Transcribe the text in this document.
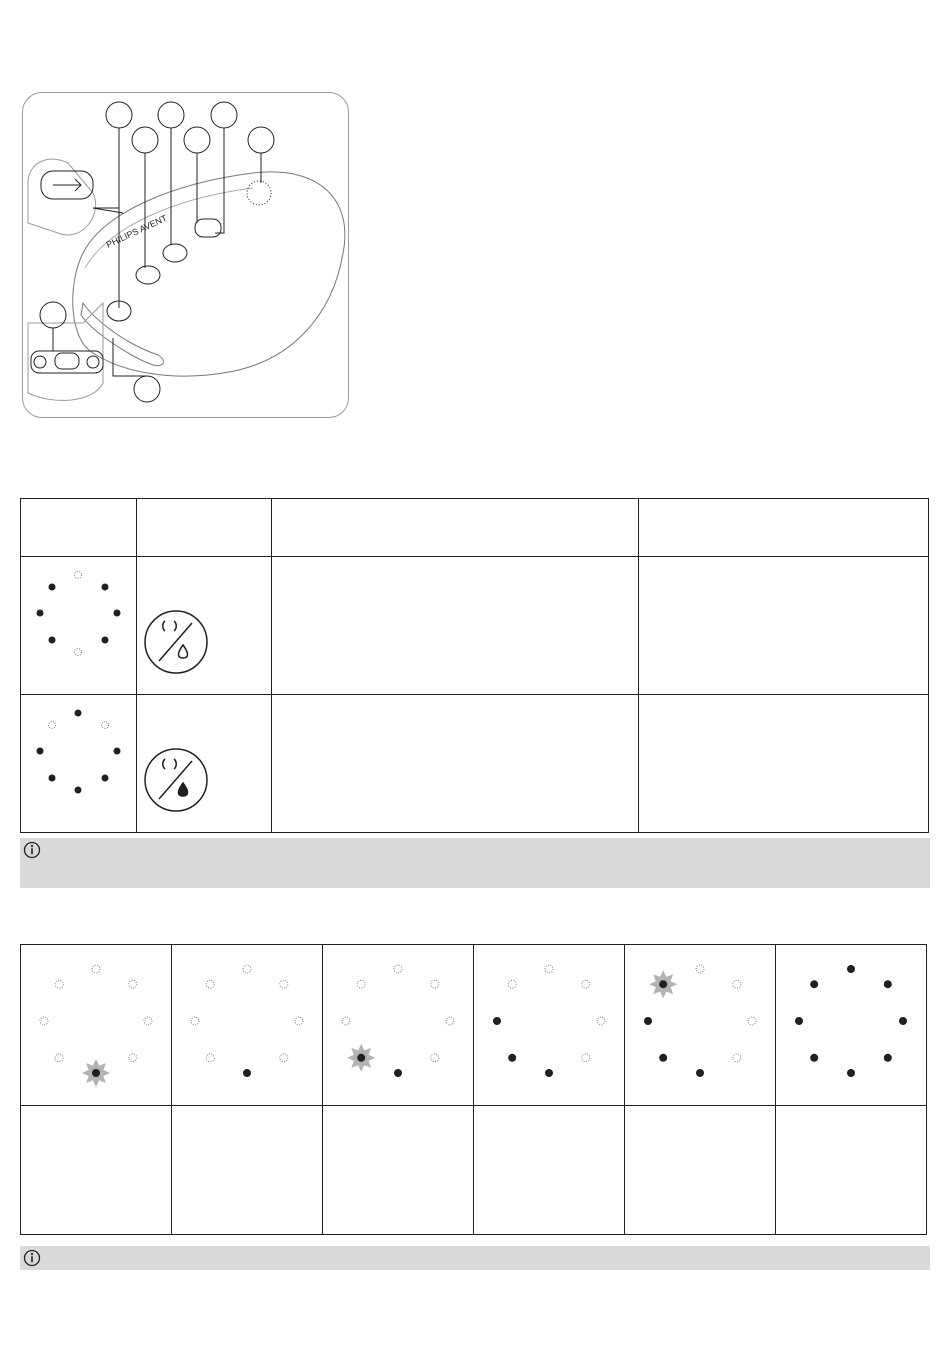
PHILIPS AVENT
